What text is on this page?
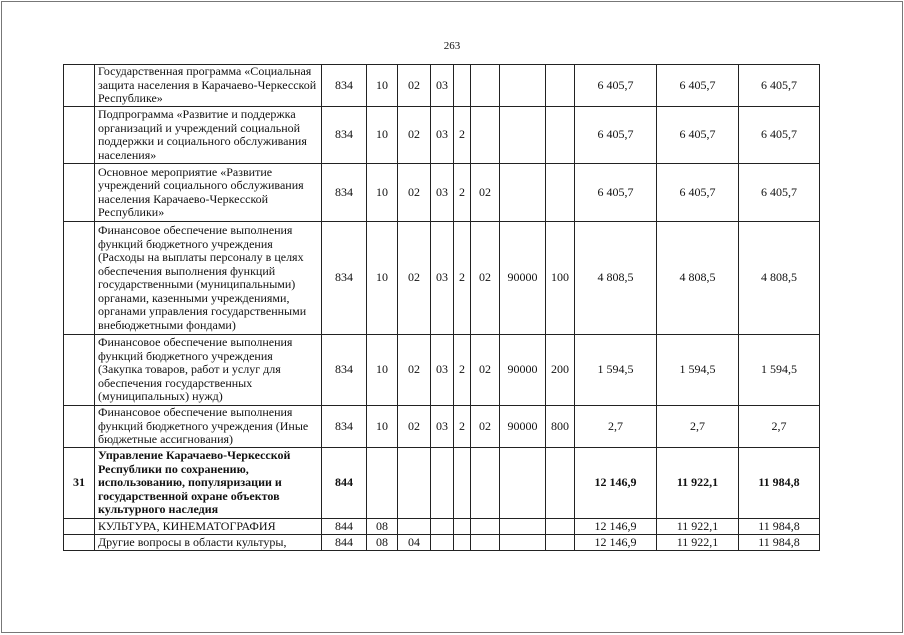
263
	Государственная программа «Социальная защита населения в Карачаево-Черкесской Республике»	834	10	02	03					6 405,7	6 405,7	6 405,7
	Подпрограмма «Развитие и поддержка организаций и учреждений социальной поддержки и социального обслуживания населения»	834	10	02	03	2				6 405,7	6 405,7	6 405,7
	Основное мероприятие «Развитие учреждений социального обслуживания населения Карачаево-Черкесской Республики»	834	10	02	03	2	02			6 405,7	6 405,7	6 405,7
	Финансовое обеспечение выполнения функций бюджетного учреждения (Расходы на выплаты персоналу в целях обеспечения выполнения функций государственными (муниципальными) органами, казенными учреждениями, органами управления государственными внебюджетными фондами)	834	10	02	03	2	02	90000	100	4 808,5	4 808,5	4 808,5
	Финансовое обеспечение выполнения функций бюджетного учреждения (Закупка товаров, работ и услуг для обеспечения государственных (муниципальных) нужд)	834	10	02	03	2	02	90000	200	1 594,5	1 594,5	1 594,5
	Финансовое обеспечение выполнения функций бюджетного учреждения (Иные бюджетные ассигнования)	834	10	02	03	2	02	90000	800	2,7	2,7	2,7
31	Управление Карачаево-Черкесской Республики по сохранению, использованию, популяризации и государственной охране объектов культурного наследия	844								12 146,9	11 922,1	11 984,8
	КУЛЬТУРА, КИНЕМАТОГРАФИЯ	844	08							12 146,9	11 922,1	11 984,8
	Другие вопросы в области культуры,	844	08	04						12 146,9	11 922,1	11 984,8
